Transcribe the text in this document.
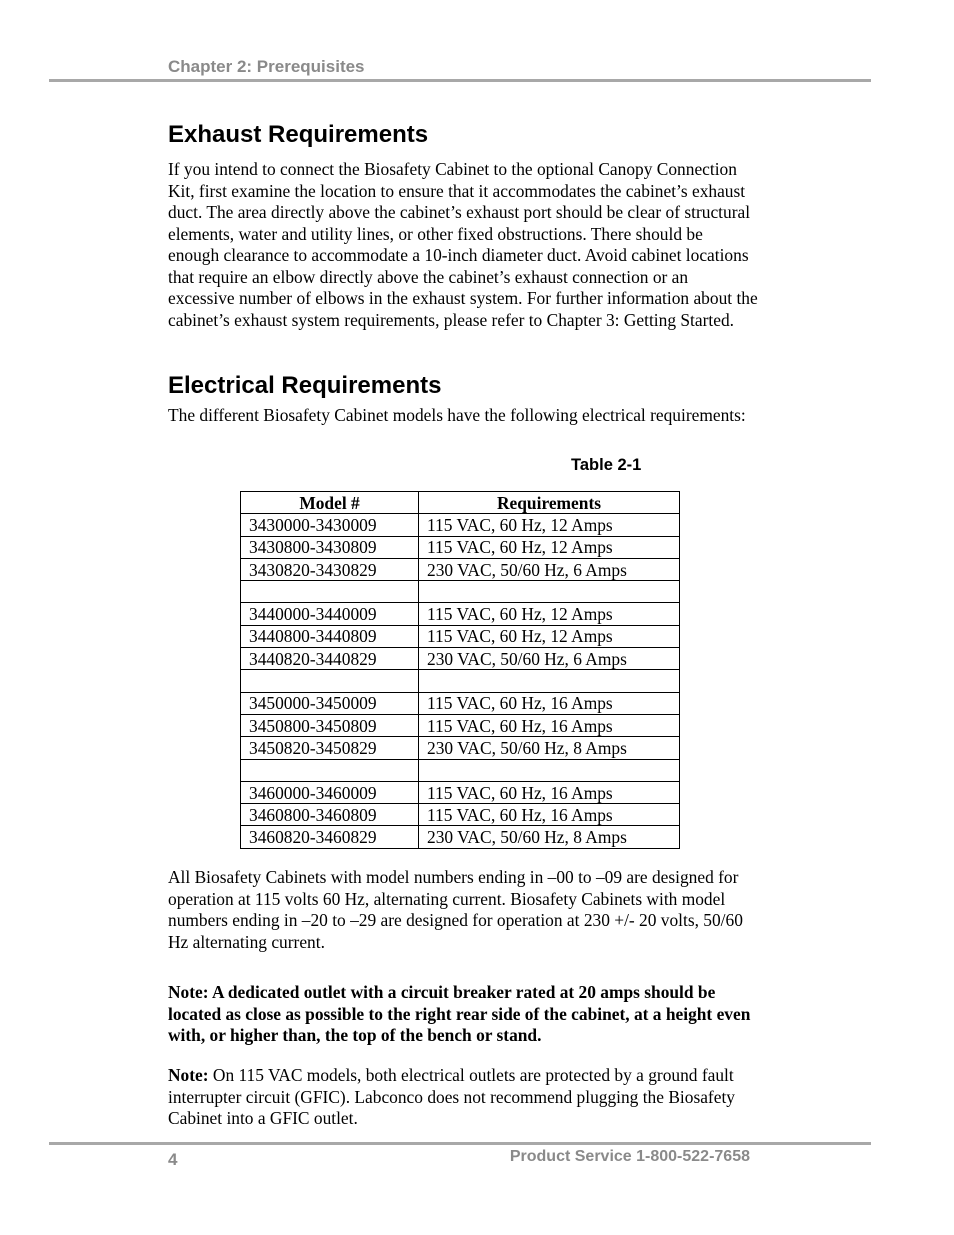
Chapter 2: Prerequisites

Exhaust Requirements

If you intend to connect the Biosafety Cabinet to the optional Canopy Connection Kit, first examine the location to ensure that it accommodates the cabinet’s exhaust duct. The area directly above the cabinet’s exhaust port should be clear of structural elements, water and utility lines, or other fixed obstructions. There should be enough clearance to accommodate a 10-inch diameter duct. Avoid cabinet locations that require an elbow directly above the cabinet’s exhaust connection or an excessive number of elbows in the exhaust system. For further information about the cabinet’s exhaust system requirements, please refer to Chapter 3: Getting Started.

Electrical Requirements

The different Biosafety Cabinet models have the following electrical requirements:

Table 2-1

Model #	Requirements
3430000-3430009	115 VAC, 60 Hz, 12 Amps
3430800-3430809	115 VAC, 60 Hz, 12 Amps
3430820-3430829	230 VAC, 50/60 Hz, 6 Amps

3440000-3440009	115 VAC, 60 Hz, 12 Amps
3440800-3440809	115 VAC, 60 Hz, 12 Amps
3440820-3440829	230 VAC, 50/60 Hz, 6 Amps

3450000-3450009	115 VAC, 60 Hz, 16 Amps
3450800-3450809	115 VAC, 60 Hz, 16 Amps
3450820-3450829	230 VAC, 50/60 Hz, 8 Amps

3460000-3460009	115 VAC, 60 Hz, 16 Amps
3460800-3460809	115 VAC, 60 Hz, 16 Amps
3460820-3460829	230 VAC, 50/60 Hz, 8 Amps

All Biosafety Cabinets with model numbers ending in –00 to –09 are designed for operation at 115 volts 60 Hz, alternating current. Biosafety Cabinets with model numbers ending in –20 to –29 are designed for operation at 230 +/- 20 volts, 50/60 Hz alternating current.

Note: A dedicated outlet with a circuit breaker rated at 20 amps should be located as close as possible to the right rear side of the cabinet, at a height even with, or higher than, the top of the bench or stand.

Note: On 115 VAC models, both electrical outlets are protected by a ground fault interrupter circuit (GFIC). Labconco does not recommend plugging the Biosafety Cabinet into a GFIC outlet.

4	Product Service 1-800-522-7658
